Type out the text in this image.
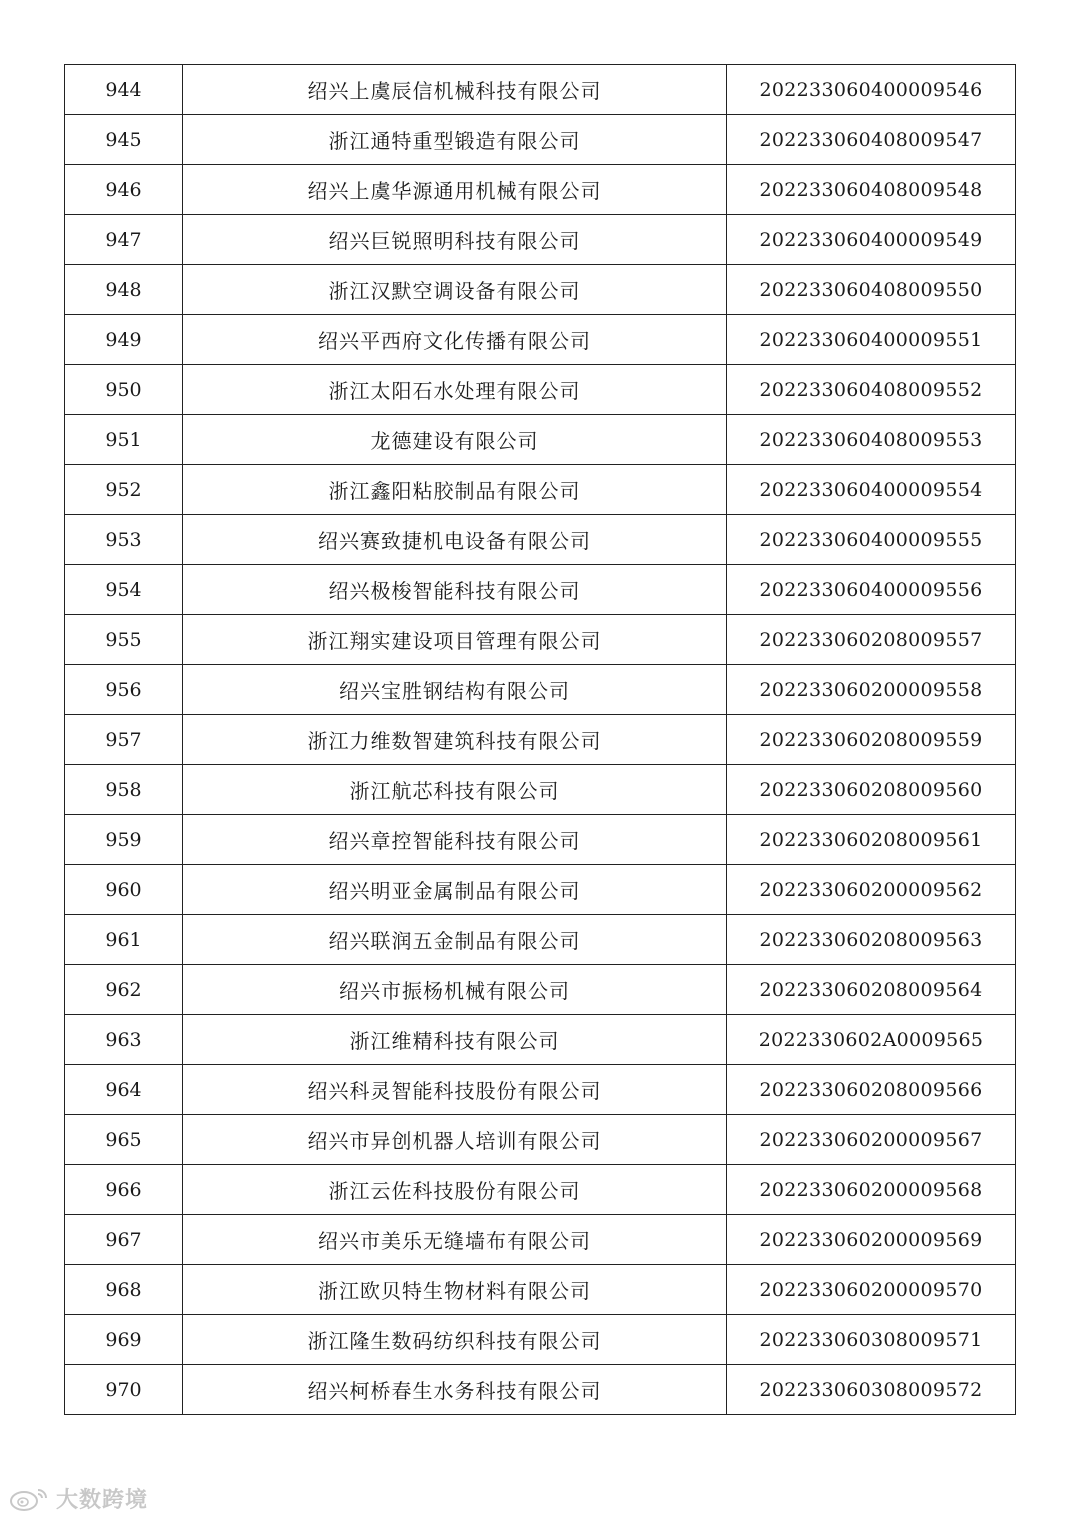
944	绍兴上虞辰信机械科技有限公司	202233060400009546
945	浙江通特重型锻造有限公司	202233060408009547
946	绍兴上虞华源通用机械有限公司	202233060408009548
947	绍兴巨锐照明科技有限公司	202233060400009549
948	浙江汉默空调设备有限公司	202233060408009550
949	绍兴平西府文化传播有限公司	202233060400009551
950	浙江太阳石水处理有限公司	202233060408009552
951	龙德建设有限公司	202233060408009553
952	浙江鑫阳粘胶制品有限公司	202233060400009554
953	绍兴赛致捷机电设备有限公司	202233060400009555
954	绍兴极梭智能科技有限公司	202233060400009556
955	浙江翔实建设项目管理有限公司	202233060208009557
956	绍兴宝胜钢结构有限公司	202233060200009558
957	浙江力维数智建筑科技有限公司	202233060208009559
958	浙江航芯科技有限公司	202233060208009560
959	绍兴章控智能科技有限公司	202233060208009561
960	绍兴明亚金属制品有限公司	202233060200009562
961	绍兴联润五金制品有限公司	202233060208009563
962	绍兴市振杨机械有限公司	202233060208009564
963	浙江维精科技有限公司	2022330602A0009565
964	绍兴科灵智能科技股份有限公司	202233060208009566
965	绍兴市异创机器人培训有限公司	202233060200009567
966	浙江云佐科技股份有限公司	202233060200009568
967	绍兴市美乐无缝墙布有限公司	202233060200009569
968	浙江欧贝特生物材料有限公司	202233060200009570
969	浙江隆生数码纺织科技有限公司	202233060308009571
970	绍兴柯桥春生水务科技有限公司	202233060308009572
大数跨境
